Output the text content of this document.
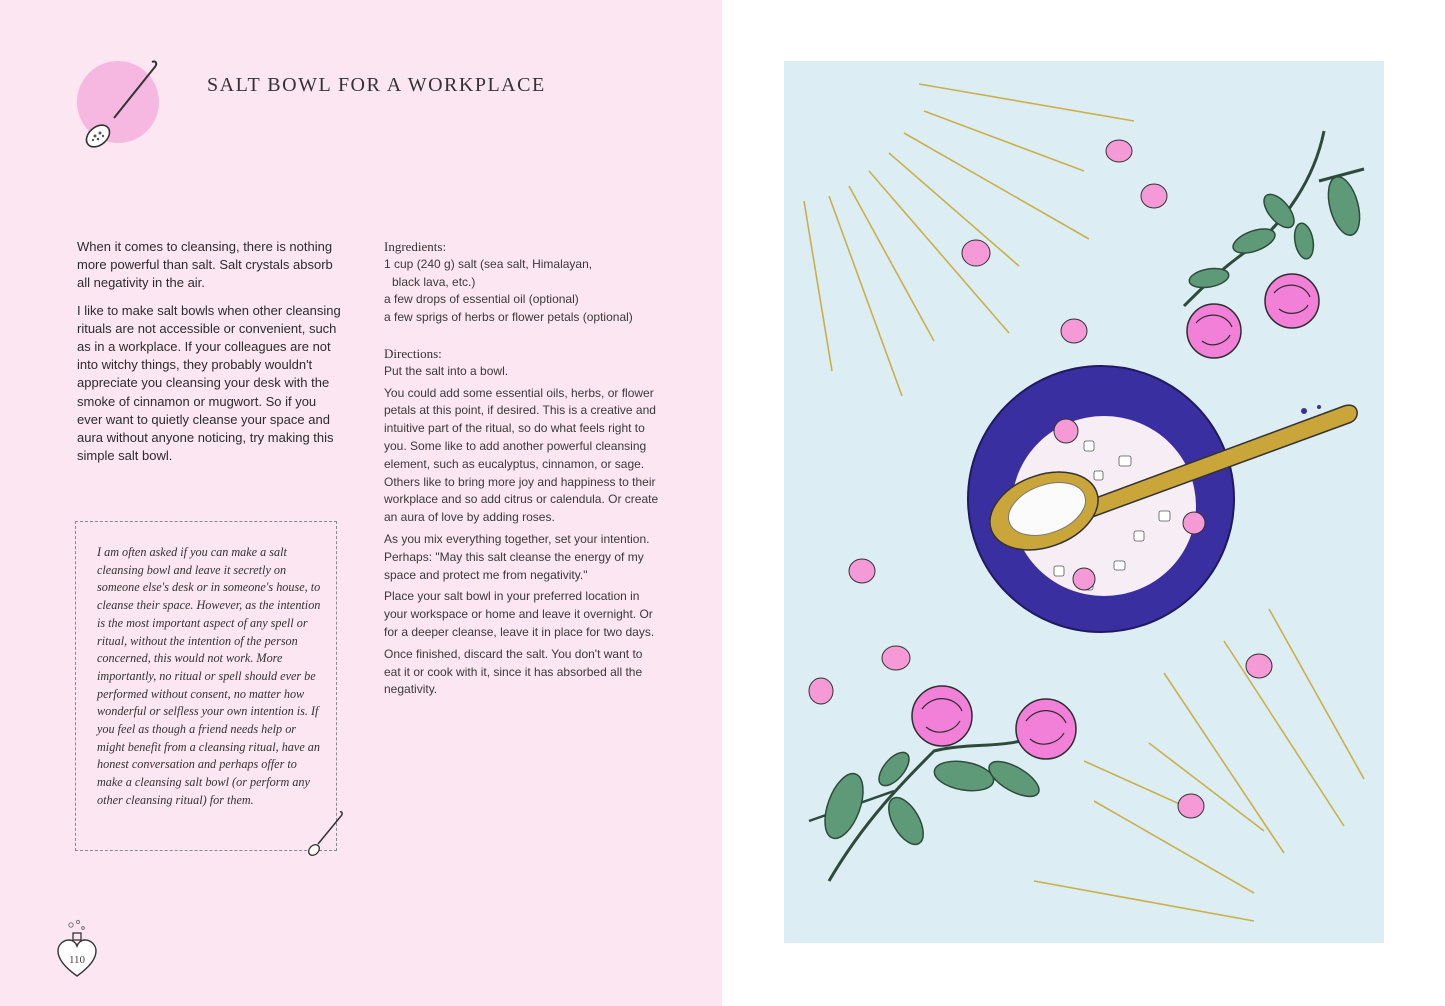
SALT BOWL FOR A WORKPLACE

When it comes to cleansing, there is nothing more powerful than salt. Salt crystals absorb all negativity in the air.

I like to make salt bowls when other cleansing rituals are not accessible or convenient, such as in a workplace. If your colleagues are not into witchy things, they probably wouldn't appreciate you cleansing your desk with the smoke of cinnamon or mugwort. So if you ever want to quietly cleanse your space and aura without anyone noticing, try making this simple salt bowl.

I am often asked if you can make a salt cleansing bowl and leave it secretly on someone else's desk or in someone's house, to cleanse their space. However, as the intention is the most important aspect of any spell or ritual, without the intention of the person concerned, this would not work. More importantly, no ritual or spell should ever be performed without consent, no matter how wonderful or selfless your own intention is. If you feel as though a friend needs help or might benefit from a cleansing ritual, have an honest conversation and perhaps offer to make a cleansing salt bowl (or perform any other cleansing ritual) for them.

Ingredients:
1 cup (240 g) salt (sea salt, Himalayan,
black lava, etc.)
a few drops of essential oil (optional)
a few sprigs of herbs or flower petals (optional)
Directions:

Put the salt into a bowl.

You could add some essential oils, herbs, or flower petals at this point, if desired. This is a creative and intuitive part of the ritual, so do what feels right to you. Some like to add another powerful cleansing element, such as eucalyptus, cinnamon, or sage. Others like to bring more joy and happiness to their workplace and so add citrus or calendula. Or create an aura of love by adding roses.

As you mix everything together, set your intention. Perhaps: "May this salt cleanse the energy of my space and protect me from negativity."

Place your salt bowl in your preferred location in your workspace or home and leave it overnight. Or for a deeper cleanse, leave it in place for two days.

Once finished, discard the salt. You don't want to eat it or cook with it, since it has absorbed all the negativity.

110
